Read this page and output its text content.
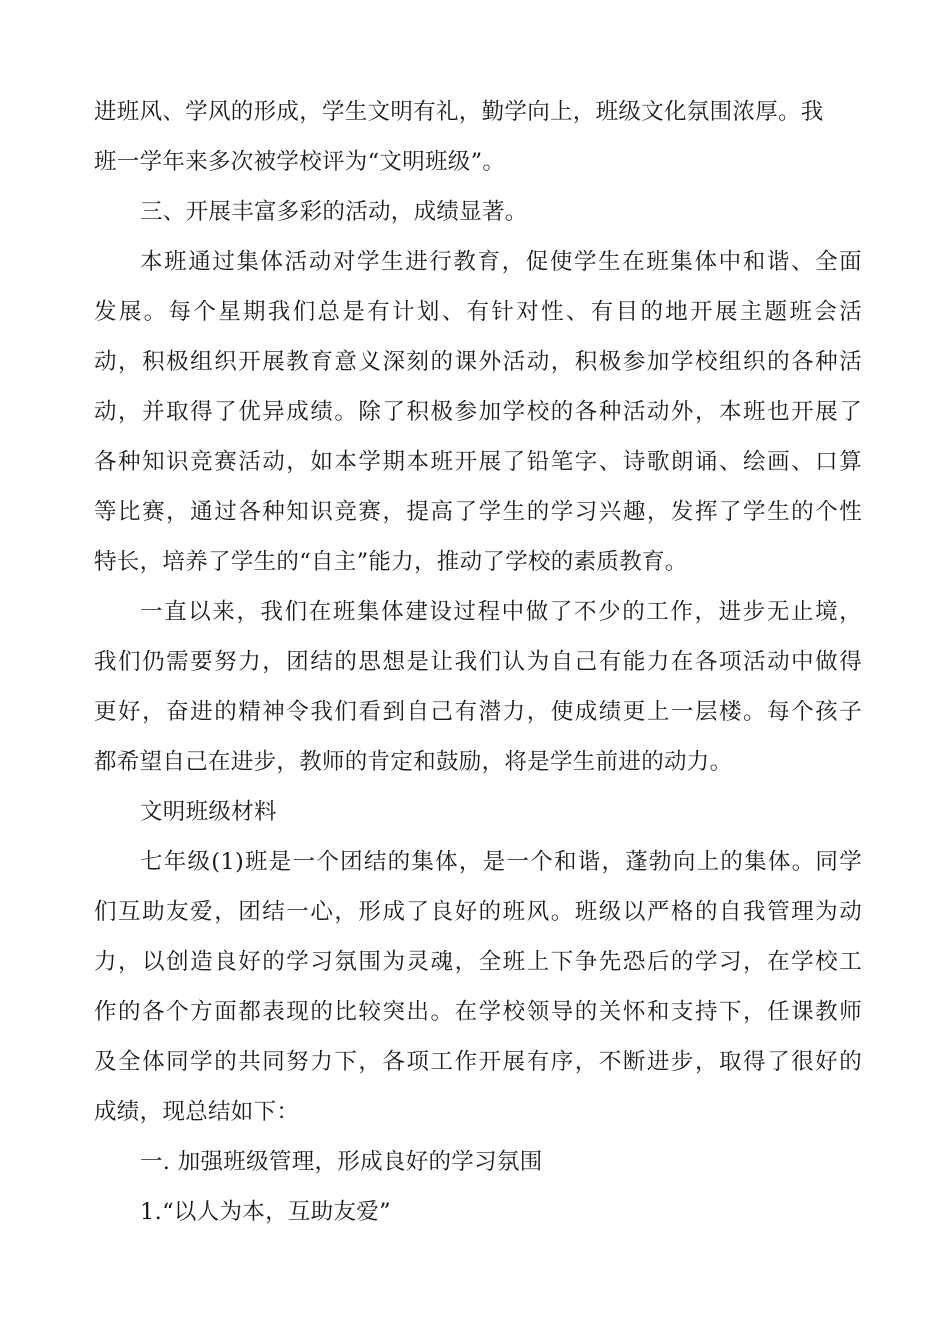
进班风、学风的形成，学生文明有礼，勤学向上，班级文化氛围浓厚。我
班一学年来多次被学校评为“文明班级”。
三、开展丰富多彩的活动，成绩显著。
本班通过集体活动对学生进行教育，促使学生在班集体中和谐、全面
发展。每个星期我们总是有计划、有针对性、有目的地开展主题班会活
动，积极组织开展教育意义深刻的课外活动，积极参加学校组织的各种活
动，并取得了优异成绩。除了积极参加学校的各种活动外，本班也开展了
各种知识竞赛活动，如本学期本班开展了铅笔字、诗歌朗诵、绘画、口算
等比赛，通过各种知识竞赛，提高了学生的学习兴趣，发挥了学生的个性
特长，培养了学生的“自主”能力，推动了学校的素质教育。
一直以来，我们在班集体建设过程中做了不少的工作，进步无止境，
我们仍需要努力，团结的思想是让我们认为自己有能力在各项活动中做得
更好，奋进的精神令我们看到自己有潜力，使成绩更上一层楼。每个孩子
都希望自己在进步，教师的肯定和鼓励，将是学生前进的动力。
文明班级材料
七年级(1)班是一个团结的集体，是一个和谐，蓬勃向上的集体。同学
们互助友爱，团结一心，形成了良好的班风。班级以严格的自我管理为动
力，以创造良好的学习氛围为灵魂，全班上下争先恐后的学习，在学校工
作的各个方面都表现的比较突出。在学校领导的关怀和支持下，任课教师
及全体同学的共同努力下，各项工作开展有序，不断进步，取得了很好的
成绩，现总结如下：
一. 加强班级管理，形成良好的学习氛围
1.“以人为本，互助友爱”
